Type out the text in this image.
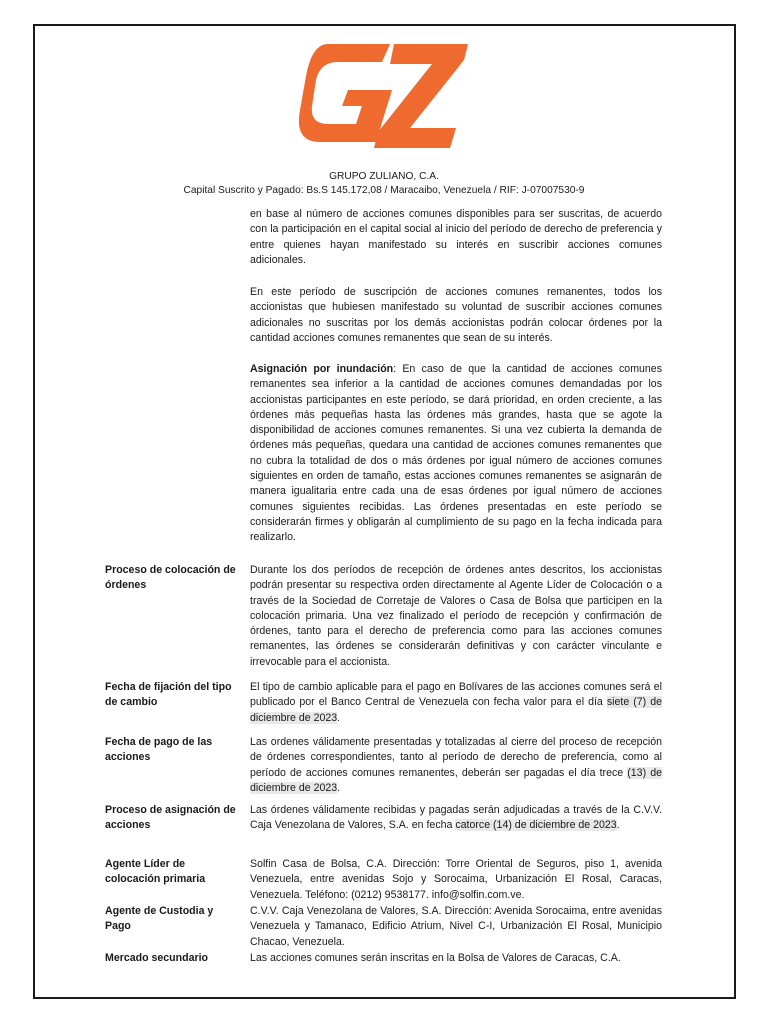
GRUPO ZULIANO, C.A.
Capital Suscrito y Pagado: Bs.S 145.172,08 / Maracaibo, Venezuela / RIF: J-07007530-9

en base al número de acciones comunes disponibles para ser suscritas, de acuerdo con la participación en el capital social al inicio del período de derecho de preferencia y entre quienes hayan manifestado su interés en suscribir acciones comunes adicionales.

En este período de suscripción de acciones comunes remanentes, todos los accionistas que hubiesen manifestado su voluntad de suscribir acciones comunes adicionales no suscritas por los demás accionistas podrán colocar órdenes por la cantidad acciones comunes remanentes que sean de su interés.

Asignación por inundación: En caso de que la cantidad de acciones comunes remanentes sea inferior a la cantidad de acciones comunes demandadas por los accionistas participantes en este período, se dará prioridad, en orden creciente, a las órdenes más pequeñas hasta las órdenes más grandes, hasta que se agote la disponibilidad de acciones comunes remanentes. Si una vez cubierta la demanda de órdenes más pequeñas, quedara una cantidad de acciones comunes remanentes que no cubra la totalidad de dos o más órdenes por igual número de acciones comunes siguientes en orden de tamaño, estas acciones comunes remanentes se asignarán de manera igualitaria entre cada una de esas órdenes por igual número de acciones comunes siguientes recibidas. Las órdenes presentadas en este período se considerarán firmes y obligarán al cumplimiento de su pago en la fecha indicada para realizarlo.

Proceso de colocación de órdenes

Durante los dos períodos de recepción de órdenes antes descritos, los accionistas podrán presentar su respectiva orden directamente al Agente Líder de Colocación o a través de la Sociedad de Corretaje de Valores o Casa de Bolsa que participen en la colocación primaria. Una vez finalizado el período de recepción y confirmación de órdenes, tanto para el derecho de preferencia como para las acciones comunes remanentes, las órdenes se considerarán definitivas y con carácter vinculante e irrevocable para el accionista.

Fecha de fijación del tipo de cambio

El tipo de cambio aplicable para el pago en Bolívares de las acciones comunes será el publicado por el Banco Central de Venezuela con fecha valor para el día siete (7) de diciembre de 2023.

Fecha de pago de las acciones

Las ordenes válidamente presentadas y totalizadas al cierre del proceso de recepción de órdenes correspondientes, tanto al período de derecho de preferencia, como al período de acciones comunes remanentes, deberán ser pagadas el día trece (13) de diciembre de 2023.

Proceso de asignación de acciones

Las órdenes válidamente recibidas y pagadas serán adjudicadas a través de la C.V.V. Caja Venezolana de Valores, S.A. en fecha catorce (14) de diciembre de 2023.

Agente Líder de colocación primaria

Solfin Casa de Bolsa, C.A. Dirección: Torre Oriental de Seguros, piso 1, avenida Venezuela, entre avenidas Sojo y Sorocaima, Urbanización El Rosal, Caracas, Venezuela. Teléfono: (0212) 9538177. info@solfin.com.ve.

Agente de Custodia y Pago

C.V.V. Caja Venezolana de Valores, S.A. Dirección: Avenida Sorocaima, entre avenidas Venezuela y Tamanaco, Edificio Atrium, Nivel C-I, Urbanización El Rosal, Municipio Chacao, Venezuela.

Mercado secundario	Las acciones comunes serán inscritas en la Bolsa de Valores de Caracas, C.A.
